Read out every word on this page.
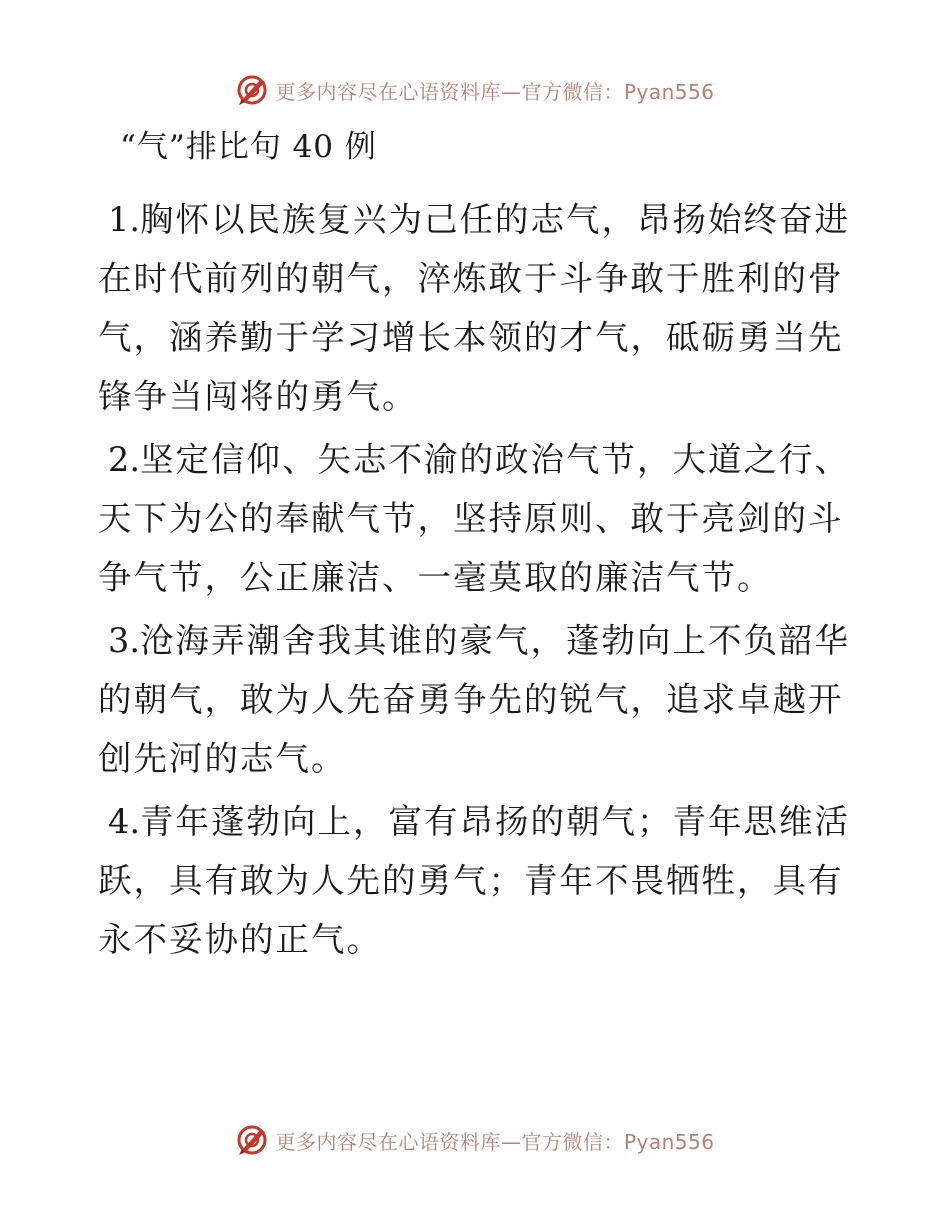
更多内容尽在心语资料库—官方微信：Pyan556
“气”排比句 40 例

1.胸怀以民族复兴为己任的志气，昂扬始终奋进在时代前列的朝气，淬炼敢于斗争敢于胜利的骨气，涵养勤于学习增长本领的才气，砥砺勇当先锋争当闯将的勇气。

2.坚定信仰、矢志不渝的政治气节，大道之行、天下为公的奉献气节，坚持原则、敢于亮剑的斗争气节，公正廉洁、一毫莫取的廉洁气节。

3.沧海弄潮舍我其谁的豪气，蓬勃向上不负韶华的朝气，敢为人先奋勇争先的锐气，追求卓越开创先河的志气。

4.青年蓬勃向上，富有昂扬的朝气；青年思维活跃，具有敢为人先的勇气；青年不畏牺牲，具有永不妥协的正气。

更多内容尽在心语资料库—官方微信：Pyan556
